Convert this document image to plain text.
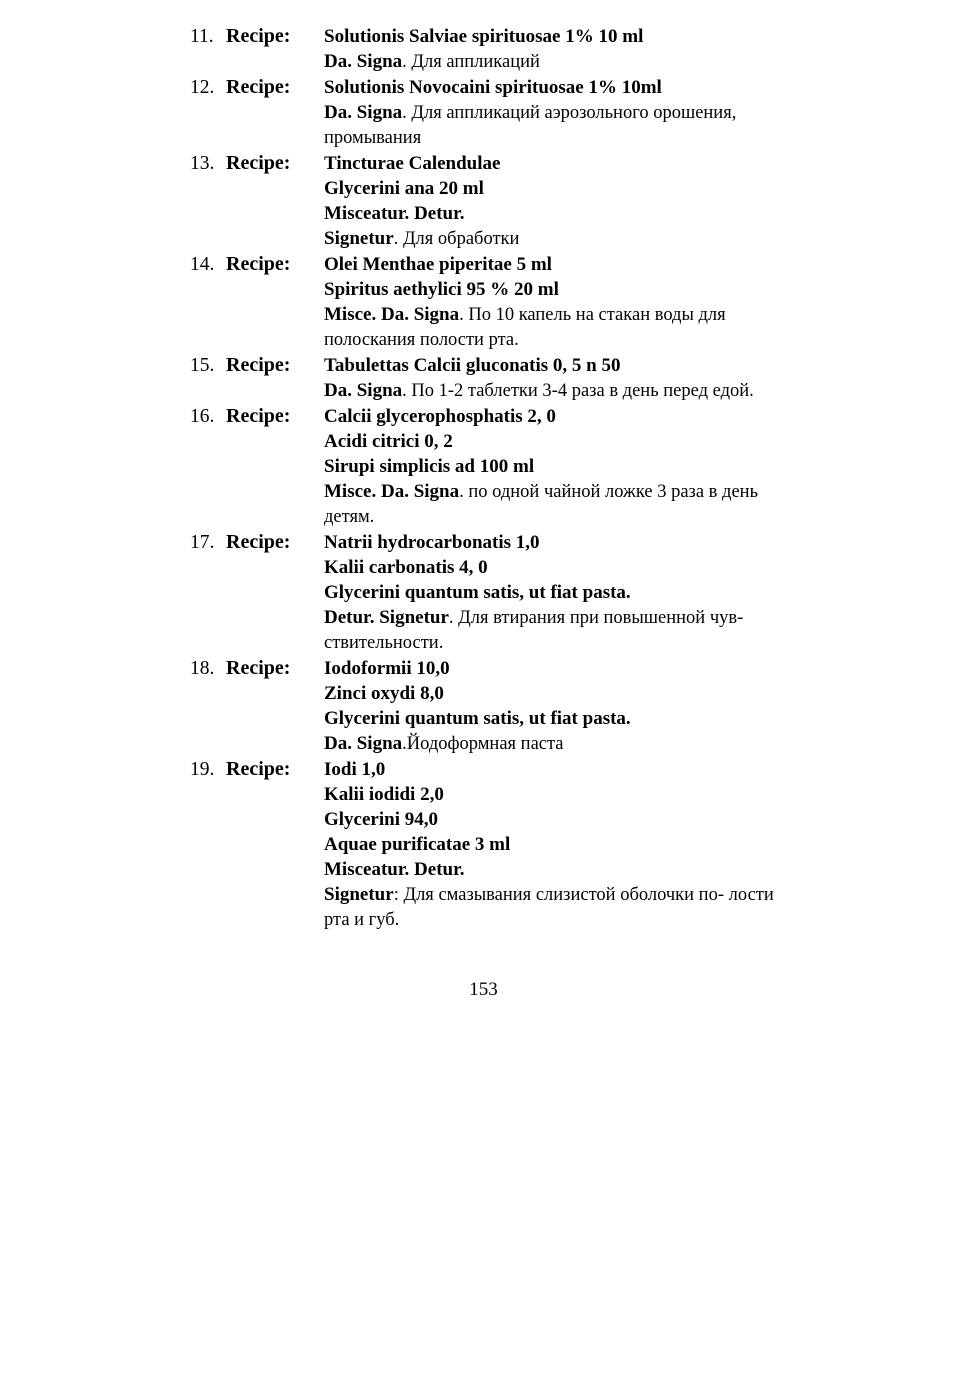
11. Recipe: Solutionis Salviae spirituosae 1% 10 ml
Da. Signa. Для аппликаций
12. Recipe: Solutionis Novocaini spirituosae 1% 10ml
Da. Signa. Для аппликаций аэрозольного орошения, промывания
13. Recipe: Tincturae Calendulae
Glycerini ana 20 ml
Misceatur. Detur.
Signetur. Для обработки
14. Recipe: Olei Menthae piperitae 5 ml
Spiritus aethylici 95 % 20 ml
Misce. Da. Signa. По 10 капель на стакан воды для полоскания полости рта.
15. Recipe: Tabulettas Calcii gluconatis 0, 5 n 50
Da. Signa. По 1-2 таблетки 3-4 раза в день перед едой.
16. Recipe: Calcii glycerophosphatis 2, 0
Acidi citrici 0, 2
Sirupi simplicis ad 100 ml
Misce. Da. Signa. по одной чайной ложке 3 раза в день детям.
17. Recipe: Natrii hydrocarbonatis 1,0
Kalii carbonatis 4, 0
Glycerini quantum satis, ut fiat pasta.
Detur. Signetur. Для втирания при повышенной чув- ствительности.
18. Recipe: Iodoformii 10,0
Zinci oxydi 8,0
Glycerini quantum satis, ut fiat pasta.
Da. Signa.Йодоформная паста
19. Recipe: Iodi 1,0
Kalii iodidi 2,0
Glycerini 94,0
Aquae purificatae 3 ml
Misceatur. Detur.
Signetur: Для смазывания слизистой оболочки по- лости рта и губ.
153
